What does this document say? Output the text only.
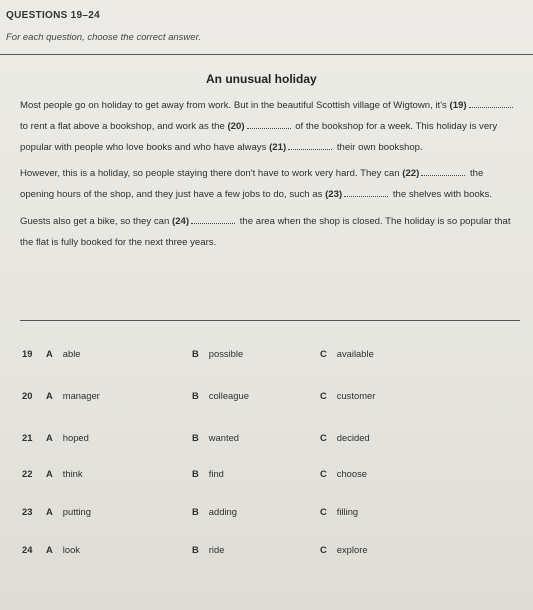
QUESTIONS 19–24
For each question, choose the correct answer.
An unusual holiday

Most people go on holiday to get away from work. But in the beautiful Scottish village of Wigtown, it's (19) to rent a flat above a bookshop, and work as the (20)	of the bookshop for a week. This holiday is very popular with people who love books and who have always (21)	their own bookshop.

However, this is a holiday, so people staying there don't have to work very hard. They can (22)	the opening hours of the shop, and they just have a few jobs to do, such as (23)	the shelves with books.

Guests also get a bike, so they can (24)	the area when the shop is closed. The holiday is so popular that the flat is fully booked for the next three years.

19 A able	B possible	C available
20 A manager	B colleague	C customer
21 A hoped	B wanted	C decided
22 A think	B find	C choose
23 A putting	B adding	C filling
24 A look	B ride	C explore
